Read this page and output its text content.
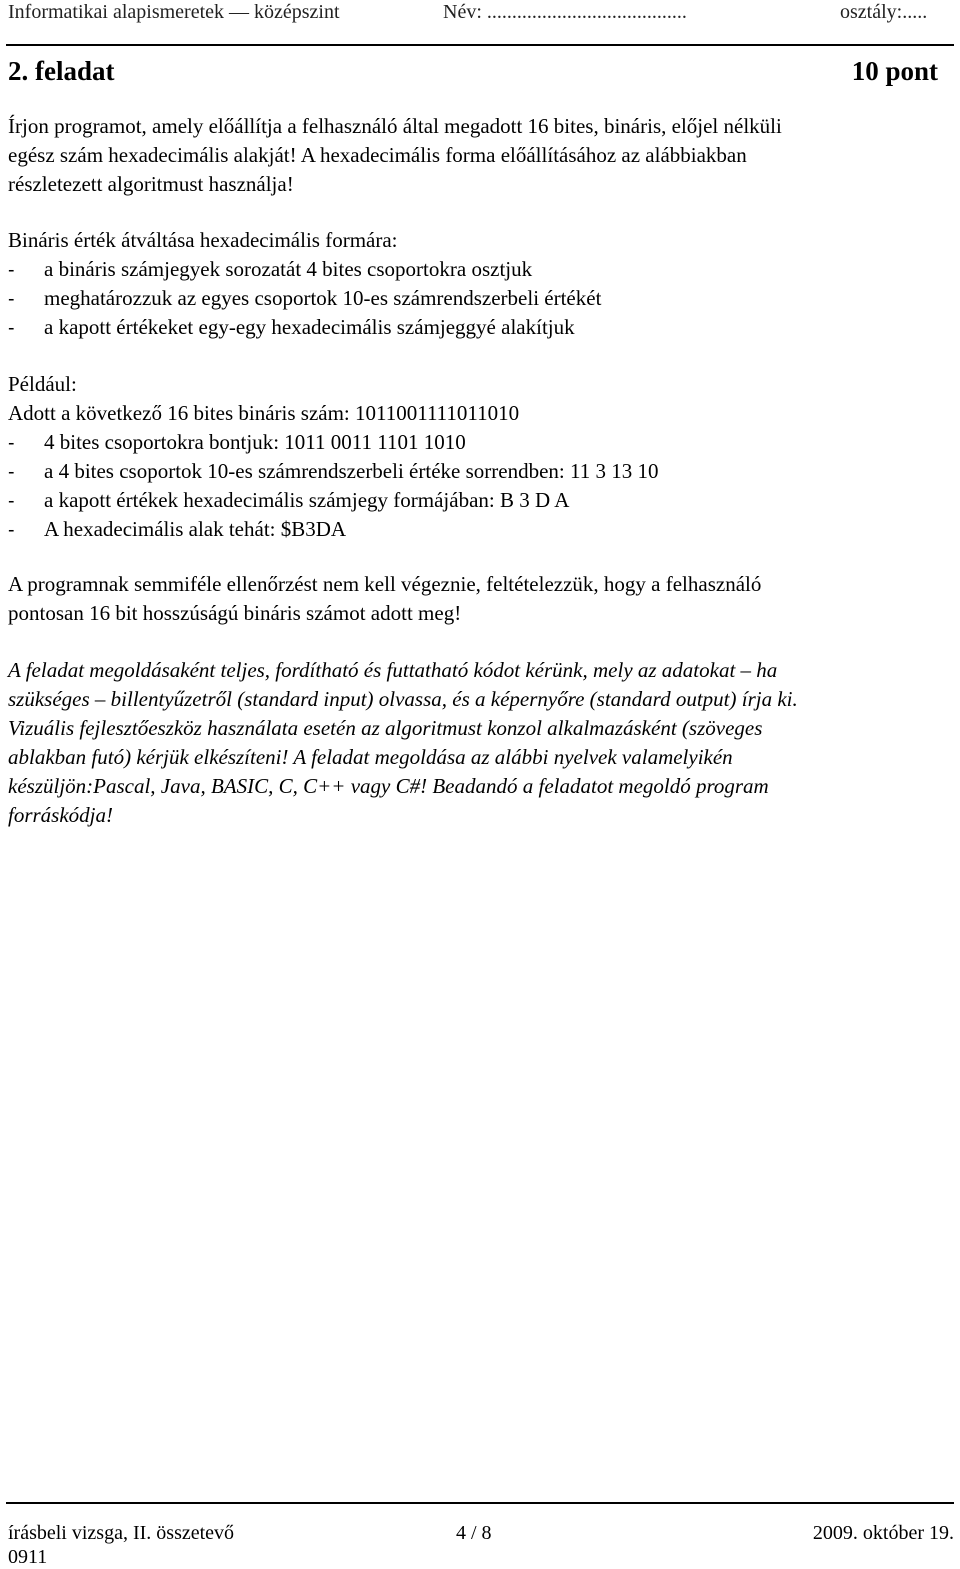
Informatikai alapismeretek — középszint	Név: ........................................	osztály:.....
2. feladat	10 pont
Írjon programot, amely előállítja a felhasználó által megadott 16 bites, bináris, előjel nélküli
egész szám hexadecimális alakját! A hexadecimális forma előállításához az alábbiakban
részletezett algoritmust használja!
Bináris érték átváltása hexadecimális formára:
- a bináris számjegyek sorozatát 4 bites csoportokra osztjuk
- meghatározzuk az egyes csoportok 10-es számrendszerbeli értékét
- a kapott értékeket egy-egy hexadecimális számjeggyé alakítjuk
Például:
Adott a következő 16 bites bináris szám: 1011001111011010
- 4 bites csoportokra bontjuk: 1011 0011 1101 1010
- a 4 bites csoportok 10-es számrendszerbeli értéke sorrendben: 11 3 13 10
- a kapott értékek hexadecimális számjegy formájában: B 3 D A
- A hexadecimális alak tehát: $B3DA
A programnak semmiféle ellenőrzést nem kell végeznie, feltételezzük, hogy a felhasználó
pontosan 16 bit hosszúságú bináris számot adott meg!
A feladat megoldásaként teljes, fordítható és futtatható kódot kérünk, mely az adatokat – ha
szükséges – billentyűzetről (standard input) olvassa, és a képernyőre (standard output) írja ki.
Vizuális fejlesztőeszköz használata esetén az algoritmust konzol alkalmazásként (szöveges
ablakban futó) kérjük elkészíteni! A feladat megoldása az alábbi nyelvek valamelyikén
készüljön:Pascal, Java, BASIC, C, C++ vagy C#! Beadandó a feladatot megoldó program
forráskódja!
írásbeli vizsga, II. összetevő	4 / 8	2009. október 19.
0911
